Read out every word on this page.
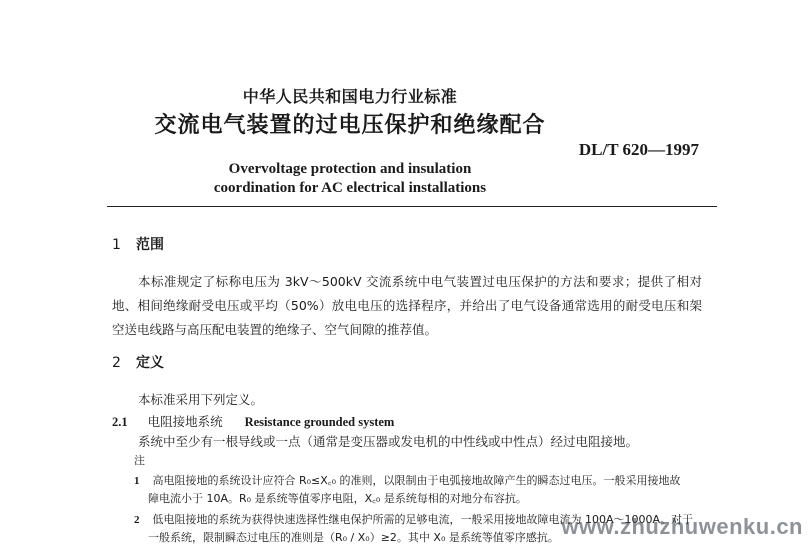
中华人民共和国电力行业标准
交流电气装置的过电压保护和绝缘配合
DL/T 620—1997
Overvoltage protection and insulation
coordination for AC electrical installations
1 范围
本标准规定了标称电压为 3kV～500kV 交流系统中电气装置过电压保护的方法和要求；提供了相对地、相间绝缘耐受电压或平均（50%）放电电压的选择程序，并给出了电气设备通常选用的耐受电压和架空送电线路与高压配电装置的绝缘子、空气间隙的推荐值。
2 定义
本标准采用下列定义。
2.1 电阻接地系统 Resistance grounded system
系统中至少有一根导线或一点（通常是变压器或发电机的中性线或中性点）经过电阻接地。
注
1 高电阻接地的系统设计应符合 R₀≤X꜀₀ 的准则，以限制由于电弧接地故障产生的瞬态过电压。一般采用接地故
障电流小于 10A。R₀ 是系统等值零序电阻，X꜀₀ 是系统每相的对地分布容抗。
2 低电阻接地的系统为获得快速选择性继电保护所需的足够电流，一般采用接地故障电流为 100A～1000A。对于
一般系统，限制瞬态过电压的准则是（R₀ / X₀）≥2。其中 X₀ 是系统等值零序感抗。 www.zhuzhuwenku.cn
